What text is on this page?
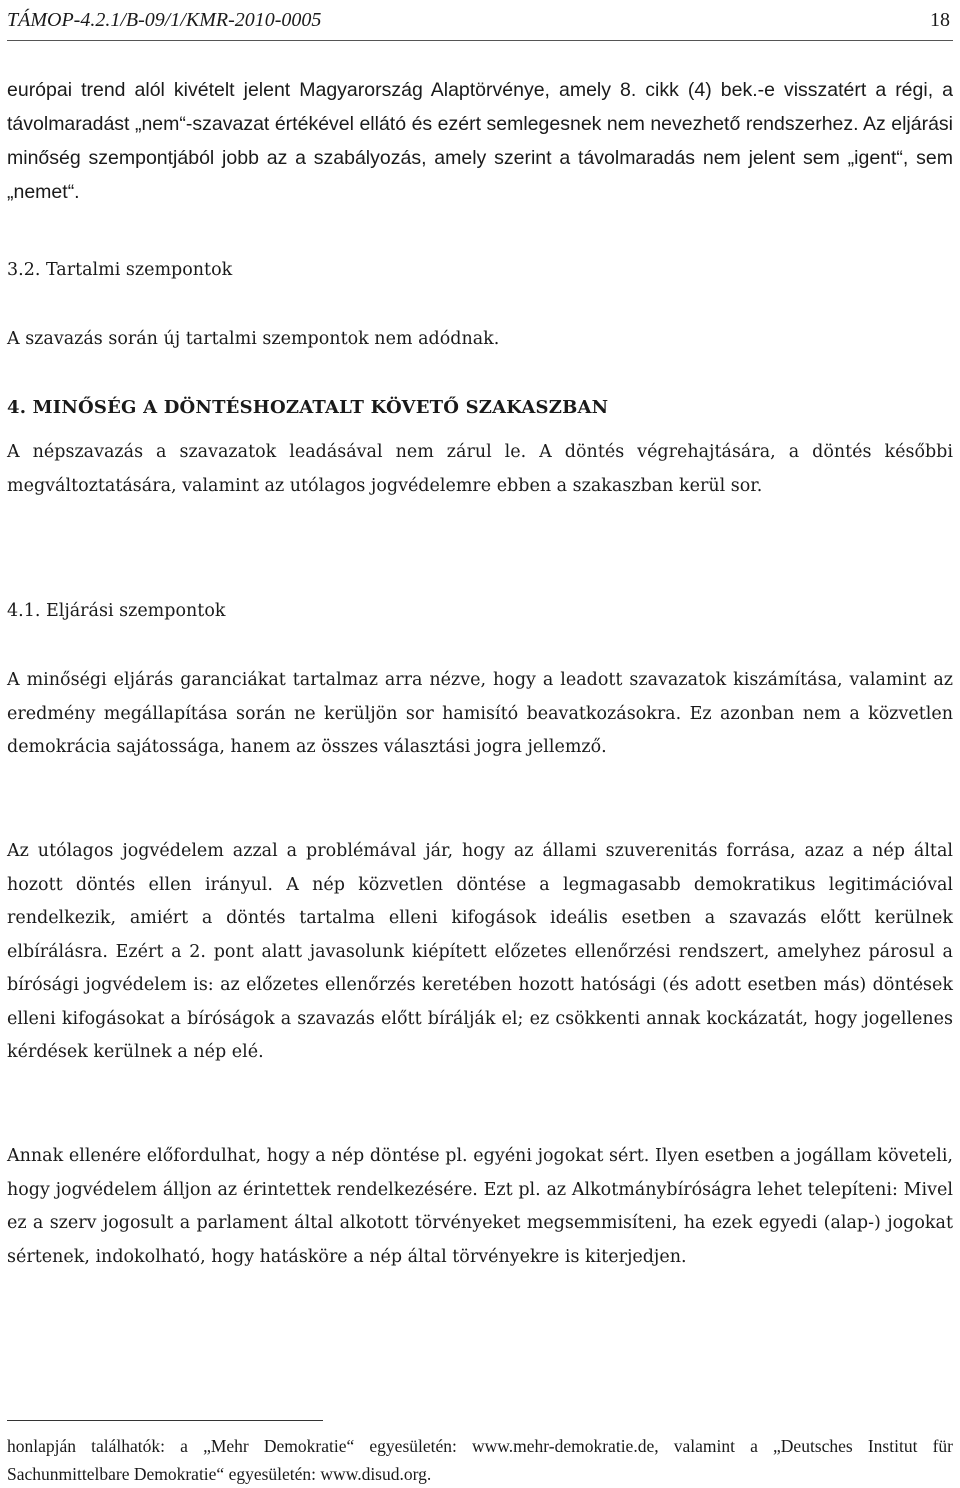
TÁMOP-4.2.1/B-09/1/KMR-2010-0005	18

európai trend alól kivételt jelent Magyarország Alaptörvénye, amely 8. cikk (4) bek.-e visszatért a régi, a távolmaradást „nem“-szavazat értékével ellátó és ezért semlegesnek nem nevezhető rendszerhez. Az eljárási minőség szempontjából jobb az a szabályozás, amely szerint a távolmaradás nem jelent sem „igent“, sem „nemet“.

3.2. Tartalmi szempontok

A szavazás során új tartalmi szempontok nem adódnak.

4. MINŐSÉG A DÖNTÉSHOZATALT KÖVETŐ SZAKASZBAN

A népszavazás a szavazatok leadásával nem zárul le. A döntés végrehajtására, a döntés későbbi megváltoztatására, valamint az utólagos jogvédelemre ebben a szakaszban kerül sor.

4.1. Eljárási szempontok

A minőségi eljárás garanciákat tartalmaz arra nézve, hogy a leadott szavazatok kiszámítása, valamint az eredmény megállapítása során ne kerüljön sor hamisító beavatkozásokra. Ez azonban nem a közvetlen demokrácia sajátossága, hanem az összes választási jogra jellemző.

Az utólagos jogvédelem azzal a problémával jár, hogy az állami szuverenitás forrása, azaz a nép által hozott döntés ellen irányul. A nép közvetlen döntése a legmagasabb demokratikus legitimációval rendelkezik, amiért a döntés tartalma elleni kifogások ideális esetben a szavazás előtt kerülnek elbírálásra. Ezért a 2. pont alatt javasolunk kiépített előzetes ellenőrzési rendszert, amelyhez párosul a bírósági jogvédelem is: az előzetes ellenőrzés keretében hozott hatósági (és adott esetben más) döntések elleni kifogásokat a bíróságok a szavazás előtt bírálják el; ez csökkenti annak kockázatát, hogy jogellenes kérdések kerülnek a nép elé.

Annak ellenére előfordulhat, hogy a nép döntése pl. egyéni jogokat sért. Ilyen esetben a jogállam követeli, hogy jogvédelem álljon az érintettek rendelkezésére. Ezt pl. az Alkotmánybíróságra lehet telepíteni: Mivel ez a szerv jogosult a parlament által alkotott törvényeket megsemmisíteni, ha ezek egyedi (alap-) jogokat sértenek, indokolható, hogy hatásköre a nép által törvényekre is kiterjedjen.

honlapján találhatók: a „Mehr Demokratie“ egyesületén: www.mehr-demokratie.de, valamint a „Deutsches Institut für Sachunmittelbare Demokratie“ egyesületén: www.disud.org.
